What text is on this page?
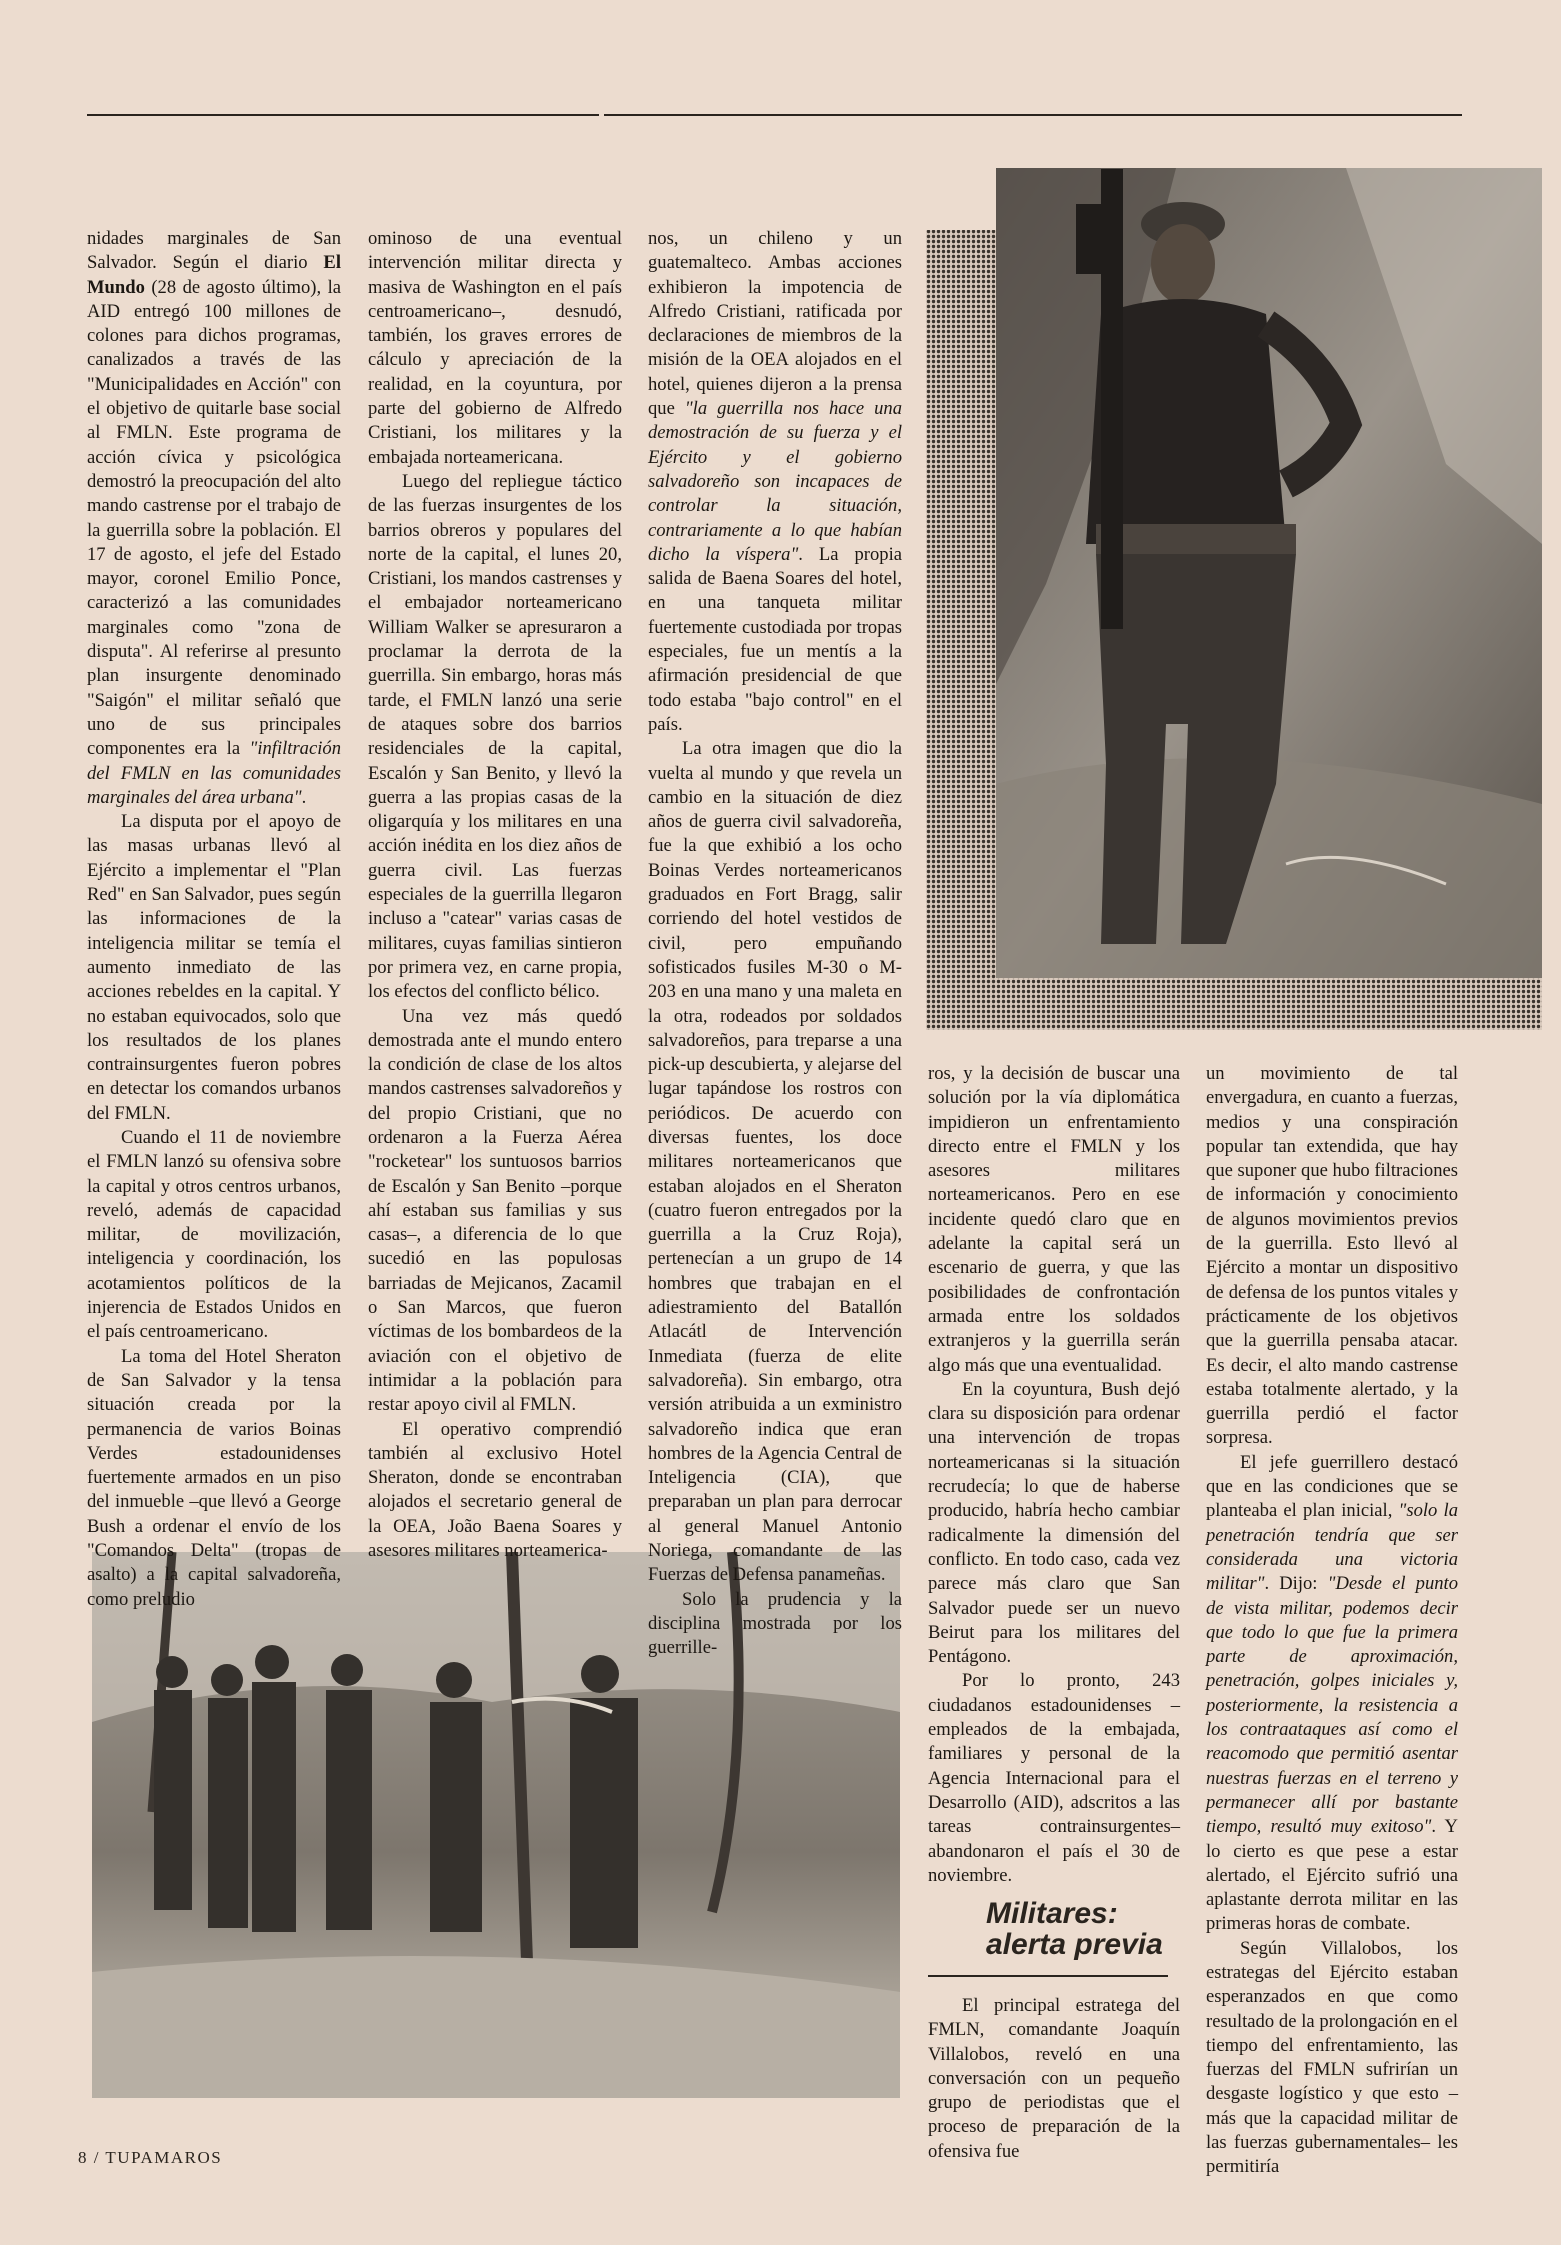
nidades marginales de San Salvador. Según el diario El Mundo (28 de agosto último), la AID entregó 100 millones de colones para dichos programas, canalizados a través de las "Municipalidades en Acción" con el objetivo de quitarle base social al FMLN. Este programa de acción cívica y psicológica demostró la preocupación del alto mando castrense por el trabajo de la guerrilla sobre la población. El 17 de agosto, el jefe del Estado mayor, coronel Emilio Ponce, caracterizó a las comunidades marginales como "zona de disputa". Al referirse al presunto plan insurgente denominado "Saigón" el militar señaló que uno de sus principales componentes era la "infiltración del FMLN en las comunidades marginales del área urbana".

La disputa por el apoyo de las masas urbanas llevó al Ejército a implementar el "Plan Red" en San Salvador, pues según las informaciones de la inteligencia militar se temía el aumento inmediato de las acciones rebeldes en la capital. Y no estaban equivocados, solo que los resultados de los planes contrainsurgentes fueron pobres en detectar los comandos urbanos del FMLN.

Cuando el 11 de noviembre el FMLN lanzó su ofensiva sobre la capital y otros centros urbanos, reveló, además de capacidad militar, de movilización, inteligencia y coordinación, los acotamientos políticos de la injerencia de Estados Unidos en el país centroamericano.

La toma del Hotel Sheraton de San Salvador y la tensa situación creada por la permanencia de varios Boinas Verdes estadounidenses fuertemente armados en un piso del inmueble –que llevó a George Bush a ordenar el envío de los "Comandos Delta" (tropas de asalto) a la capital salvadoreña, como preludio

ominoso de una eventual intervención militar directa y masiva de Washington en el país centroamericano–, desnudó, también, los graves errores de cálculo y apreciación de la realidad, en la coyuntura, por parte del gobierno de Alfredo Cristiani, los militares y la embajada norteamericana.

Luego del repliegue táctico de las fuerzas insurgentes de los barrios obreros y populares del norte de la capital, el lunes 20, Cristiani, los mandos castrenses y el embajador norteamericano William Walker se apresuraron a proclamar la derrota de la guerrilla. Sin embargo, horas más tarde, el FMLN lanzó una serie de ataques sobre dos barrios residenciales de la capital, Escalón y San Benito, y llevó la guerra a las propias casas de la oligarquía y los militares en una acción inédita en los diez años de guerra civil. Las fuerzas especiales de la guerrilla llegaron incluso a "catear" varias casas de militares, cuyas familias sintieron por primera vez, en carne propia, los efectos del conflicto bélico.

Una vez más quedó demostrada ante el mundo entero la condición de clase de los altos mandos castrenses salvadoreños y del propio Cristiani, que no ordenaron a la Fuerza Aérea "rocketear" los suntuosos barrios de Escalón y San Benito –porque ahí estaban sus familias y sus casas–, a diferencia de lo que sucedió en las populosas barriadas de Mejicanos, Zacamil o San Marcos, que fueron víctimas de los bombardeos de la aviación con el objetivo de intimidar a la población para restar apoyo civil al FMLN.

El operativo comprendió también al exclusivo Hotel Sheraton, donde se encontraban alojados el secretario general de la OEA, João Baena Soares y asesores militares norteamerica-

nos, un chileno y un guatemalteco. Ambas acciones exhibieron la impotencia de Alfredo Cristiani, ratificada por declaraciones de miembros de la misión de la OEA alojados en el hotel, quienes dijeron a la prensa que "la guerrilla nos hace una demostración de su fuerza y el Ejército y el gobierno salvadoreño son incapaces de controlar la situación, contrariamente a lo que habían dicho la víspera". La propia salida de Baena Soares del hotel, en una tanqueta militar fuertemente custodiada por tropas especiales, fue un mentís a la afirmación presidencial de que todo estaba "bajo control" en el país.

La otra imagen que dio la vuelta al mundo y que revela un cambio en la situación de diez años de guerra civil salvadoreña, fue la que exhibió a los ocho Boinas Verdes norteamericanos graduados en Fort Bragg, salir corriendo del hotel vestidos de civil, pero empuñando sofisticados fusiles M-30 o M-203 en una mano y una maleta en la otra, rodeados por soldados salvadoreños, para treparse a una pick-up descubierta, y alejarse del lugar tapándose los rostros con periódicos. De acuerdo con diversas fuentes, los doce militares norteamericanos que estaban alojados en el Sheraton (cuatro fueron entregados por la guerrilla a la Cruz Roja), pertenecían a un grupo de 14 hombres que trabajan en el adiestramiento del Batallón Atlacátl de Intervención Inmediata (fuerza de elite salvadoreña). Sin embargo, otra versión atribuida a un exministro salvadoreño indica que eran hombres de la Agencia Central de Inteligencia (CIA), que preparaban un plan para derrocar al general Manuel Antonio Noriega, comandante de las Fuerzas de Defensa panameñas.

Solo la prudencia y la disciplina mostrada por los guerrille-

ros, y la decisión de buscar una solución por la vía diplomática impidieron un enfrentamiento directo entre el FMLN y los asesores militares norteamericanos. Pero en ese incidente quedó claro que en adelante la capital será un escenario de guerra, y que las posibilidades de confrontación armada entre los soldados extranjeros y la guerrilla serán algo más que una eventualidad.

En la coyuntura, Bush dejó clara su disposición para ordenar una intervención de tropas norteamericanas si la situación recrudecía; lo que de haberse producido, habría hecho cambiar radicalmente la dimensión del conflicto. En todo caso, cada vez parece más claro que San Salvador puede ser un nuevo Beirut para los militares del Pentágono.

Por lo pronto, 243 ciudadanos estadounidenses –empleados de la embajada, familiares y personal de la Agencia Internacional para el Desarrollo (AID), adscritos a las tareas contrainsurgentes– abandonaron el país el 30 de noviembre.

Militares:
alerta previa

El principal estratega del FMLN, comandante Joaquín Villalobos, reveló en una conversación con un pequeño grupo de periodistas que el proceso de preparación de la ofensiva fue

un movimiento de tal envergadura, en cuanto a fuerzas, medios y una conspiración popular tan extendida, que hay que suponer que hubo filtraciones de información y conocimiento de algunos movimientos previos de la guerrilla. Esto llevó al Ejército a montar un dispositivo de defensa de los puntos vitales y prácticamente de los objetivos que la guerrilla pensaba atacar. Es decir, el alto mando castrense estaba totalmente alertado, y la guerrilla perdió el factor sorpresa.

El jefe guerrillero destacó que en las condiciones que se planteaba el plan inicial, "solo la penetración tendría que ser considerada una victoria militar". Dijo: "Desde el punto de vista militar, podemos decir que todo lo que fue la primera parte de aproximación, penetración, golpes iniciales y, posteriormente, la resistencia a los contraataques así como el reacomodo que permitió asentar nuestras fuerzas en el terreno y permanecer allí por bastante tiempo, resultó muy exitoso". Y lo cierto es que pese a estar alertado, el Ejército sufrió una aplastante derrota militar en las primeras horas de combate.

Según Villalobos, los estrategas del Ejército estaban esperanzados en que como resultado de la prolongación en el tiempo del enfrentamiento, las fuerzas del FMLN sufrirían un desgaste logístico y que esto –más que la capacidad militar de las fuerzas gubernamentales– les permitiría

8 / TUPAMAROS
